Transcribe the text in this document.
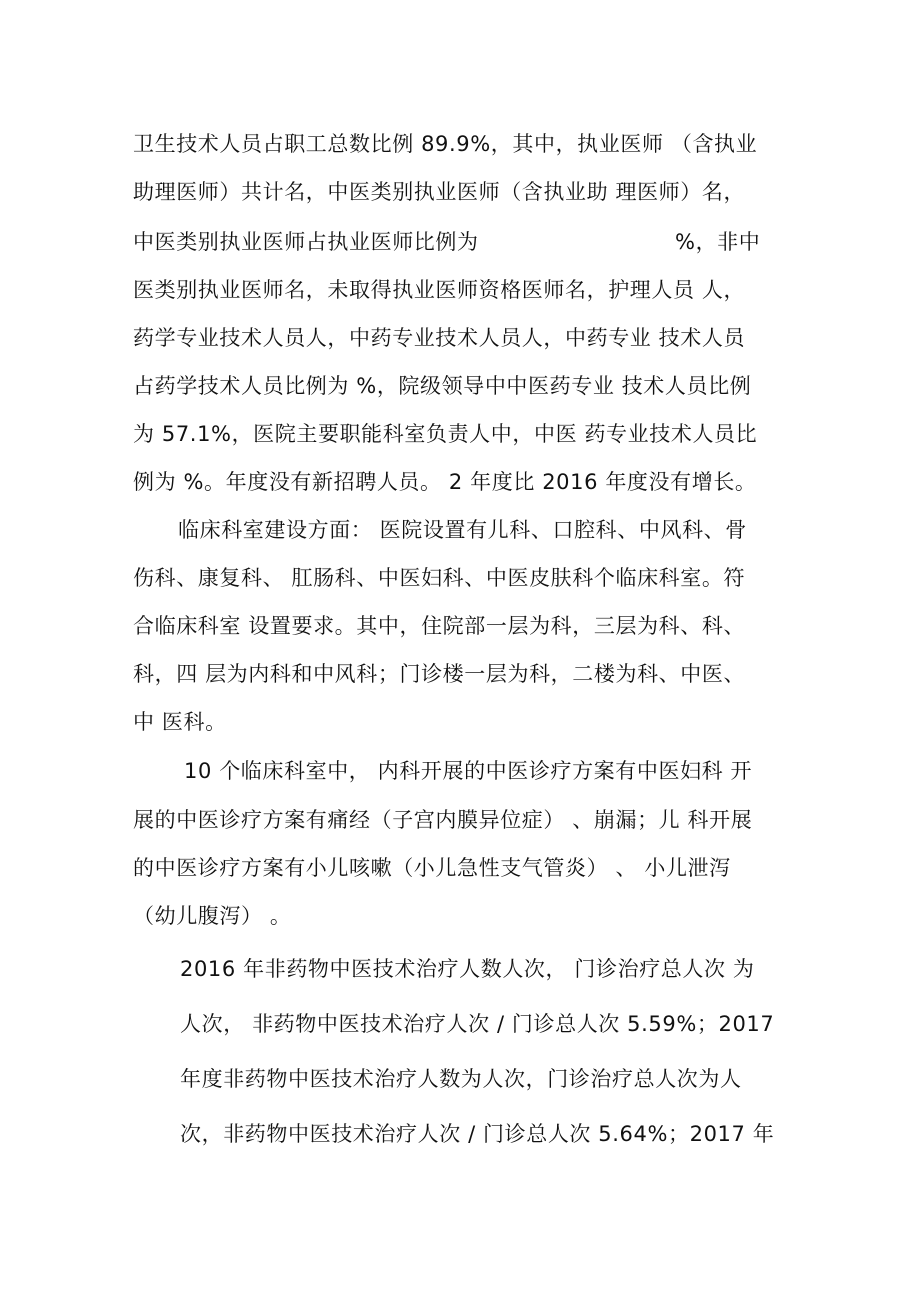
卫生技术人员占职工总数比例 89.9%，其中，执业医师 （含执业
助理医师）共计名，中医类别执业医师（含执业助 理医师）名，
中医类别执业医师占执业医师比例为                           %，非中
医类别执业医师名，未取得执业医师资格医师名，护理人员 人，
药学专业技术人员人，中药专业技术人员人，中药专业 技术人员
占药学技术人员比例为 %，院级领导中中医药专业 技术人员比例
为 57.1%，医院主要职能科室负责人中，中医 药专业技术人员比
例为 %。年度没有新招聘人员。 2 年度比 2016 年度没有增长。
临床科室建设方面： 医院设置有儿科、口腔科、中风科、骨
伤科、康复科、 肛肠科、中医妇科、中医皮肤科个临床科室。符
合临床科室 设置要求。其中，住院部一层为科，三层为科、科、
科，四 层为内科和中风科；门诊楼一层为科，二楼为科、中医、
中 医科。
10 个临床科室中， 内科开展的中医诊疗方案有中医妇科 开
展的中医诊疗方案有痛经（子宫内膜异位症） 、崩漏；儿 科开展
的中医诊疗方案有小儿咳嗽（小儿急性支气管炎） 、 小儿泄泻
（幼儿腹泻） 。
2016 年非药物中医技术治疗人数人次， 门诊治疗总人次 为
人次， 非药物中医技术治疗人次 / 门诊总人次 5.59%；2017
年度非药物中医技术治疗人数为人次，门诊治疗总人次为人
次，非药物中医技术治疗人次 / 门诊总人次 5.64%；2017 年
